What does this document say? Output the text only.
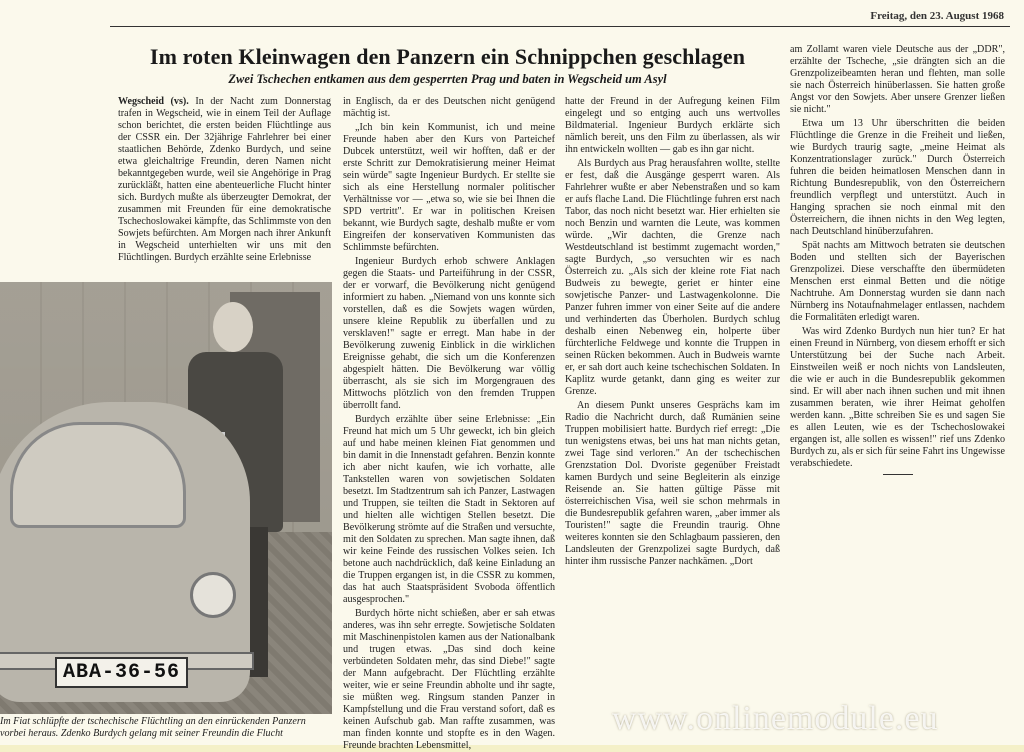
Freitag, den 23. August 1968
Im roten Kleinwagen den Panzern ein Schnippchen geschlagen
Zwei Tschechen entkamen aus dem gesperrten Prag und baten in Wegscheid um Asyl

Wegscheid (vs). In der Nacht zum Donnerstag trafen in Wegscheid, wie in einem Teil der Auflage schon berichtet, die ersten beiden Flüchtlinge aus der CSSR ein. Der 32jährige Fahrlehrer bei einer staatlichen Behörde, Zdenko Burdych, und seine etwa gleichaltrige Freundin, deren Namen nicht bekanntgegeben wurde, weil sie Angehörige in Prag zurückläßt, hatten eine abenteuerliche Flucht hinter sich. Burdych mußte als überzeugter Demokrat, der zusammen mit Freunden für eine demokratische Tschechoslowakei kämpfte, das Schlimmste von den Sowjets befürchten. Am Morgen nach ihrer Ankunft in Wegscheid unterhielten wir uns mit den Flüchtlingen. Burdych erzählte seine Erlebnisse

in Englisch, da er des Deutschen nicht genügend mächtig ist.

„Ich bin kein Kommunist, ich und meine Freunde haben aber den Kurs von Parteichef Dubcek unterstützt, weil wir hofften, daß er der erste Schritt zur Demokratisierung meiner Heimat sein würde" sagte Ingenieur Burdych. Er stellte sie sich als eine Herstellung normaler politischer Verhältnisse vor — „etwa so, wie sie bei Ihnen die SPD vertritt". Er war in politischen Kreisen bekannt, wie Burdych sagte, deshalb mußte er vom Eingreifen der konservativen Kommunisten das Schlimmste befürchten.

Ingenieur Burdych erhob schwere Anklagen gegen die Staats- und Parteiführung in der CSSR, der er vorwarf, die Bevölkerung nicht genügend informiert zu haben. „Niemand von uns konnte sich vorstellen, daß es die Sowjets wagen würden, unsere kleine Republik zu überfallen und zu versklaven!" sagte er erregt. Man habe in der Bevölkerung zuwenig Einblick in die wirklichen Ereignisse gehabt, die sich um die Konferenzen abgespielt hätten. Die Bevölkerung war völlig überrascht, als sie sich im Morgengrauen des Mittwochs plötzlich von den fremden Truppen überrollt fand.

Burdych erzählte über seine Erlebnisse: „Ein Freund hat mich um 5 Uhr geweckt, ich bin gleich auf und habe meinen kleinen Fiat genommen und bin damit in die Innenstadt gefahren. Benzin konnte ich aber nicht kaufen, wie ich vorhatte, alle Tankstellen waren von sowjetischen Soldaten besetzt. Im Stadtzentrum sah ich Panzer, Lastwagen und Truppen, sie teilten die Stadt in Sektoren auf und hielten alle wichtigen Stellen besetzt. Die Bevölkerung strömte auf die Straßen und versuchte, mit den Soldaten zu sprechen. Man sagte ihnen, daß wir keine Feinde des russischen Volkes seien. Ich betone auch nachdrücklich, daß keine Einladung an die Truppen ergangen ist, in die CSSR zu kommen, das hat auch Staatspräsident Svoboda öffentlich ausgesprochen."

Burdych hörte nicht schießen, aber er sah etwas anderes, was ihn sehr erregte. Sowjetische Soldaten mit Maschinenpistolen kamen aus der Nationalbank und trugen etwas. „Das sind doch keine verbündeten Soldaten mehr, das sind Diebe!" sagte der Mann aufgebracht. Der Flüchtling erzählte weiter, wie er seine Freundin abholte und ihr sagte, sie müßten weg. Ringsum standen Panzer in Kampfstellung und die Frau verstand sofort, daß es keinen Aufschub gab. Man raffte zusammen, was man finden konnte und stopfte es in den Wagen. Freunde brachten Lebensmittel,

hatte der Freund in der Aufregung keinen Film eingelegt und so entging auch uns wertvolles Bildmaterial. Ingenieur Burdych erklärte sich nämlich bereit, uns den Film zu überlassen, als wir ihn entwickeln wollten — gab es ihn gar nicht.

Als Burdych aus Prag herausfahren wollte, stellte er fest, daß die Ausgänge gesperrt waren. Als Fahrlehrer wußte er aber Nebenstraßen und so kam er aufs flache Land. Die Flüchtlinge fuhren erst nach Tabor, das noch nicht besetzt war. Hier erhielten sie noch Benzin und warnten die Leute, was kommen würde. „Wir dachten, die Grenze nach Westdeutschland ist bestimmt zugemacht worden," sagte Burdych, „so versuchten wir es nach Österreich zu. „Als sich der kleine rote Fiat nach Budweis zu bewegte, geriet er hinter eine sowjetische Panzer- und Lastwagenkolonne. Die Panzer fuhren immer von einer Seite auf die andere und verhinderten das Überholen. Burdych schlug deshalb einen Nebenweg ein, holperte über fürchterliche Feldwege und konnte die Truppen in seinen Rücken bekommen. Auch in Budweis warnte er, er sah dort auch keine tschechischen Soldaten. In Kaplitz wurde getankt, dann ging es weiter zur Grenze.

An diesem Punkt unseres Gesprächs kam im Radio die Nachricht durch, daß Rumänien seine Truppen mobilisiert hatte. Burdych rief erregt: „Die tun wenigstens etwas, bei uns hat man nichts getan, zwei Tage sind verloren." An der tschechischen Grenzstation Dol. Dvoriste gegenüber Freistadt kamen Burdych und seine Begleiterin als einzige Reisende an. Sie hatten gültige Pässe mit österreichischen Visa, weil sie schon mehrmals in die Bundesrepublik gefahren waren, „aber immer als Touristen!" sagte die Freundin traurig. Ohne weiteres konnten sie den Schlagbaum passieren, den Landsleuten der Grenzpolizei sagte Burdych, daß hinter ihm russische Panzer nachkämen. „Dort

am Zollamt waren viele Deutsche aus der „DDR", erzählte der Tscheche, „sie drängten sich an die Grenzpolizeibeamten heran und flehten, man solle sie nach Österreich hinüberlassen. Sie hatten große Angst vor den Sowjets. Aber unsere Grenzer ließen sie nicht."

Etwa um 13 Uhr überschritten die beiden Flüchtlinge die Grenze in die Freiheit und ließen, wie Burdych traurig sagte, „meine Heimat als Konzentrationslager zurück." Durch Österreich fuhren die beiden heimatlosen Menschen dann in Richtung Bundesrepublik, von den Österreichern freundlich verpflegt und unterstützt. Auch in Hanging sprachen sie noch einmal mit den Österreichern, die ihnen nichts in den Weg legten, nach Deutschland hinüberzufahren.

Spät nachts am Mittwoch betraten sie deutschen Boden und stellten sich der Bayerischen Grenzpolizei. Diese verschaffte den übermüdeten Menschen erst einmal Betten und die nötige Nachtruhe. Am Donnerstag wurden sie dann nach Nürnberg ins Notaufnahmelager entlassen, nachdem die Formalitäten erledigt waren.

Was wird Zdenko Burdych nun hier tun? Er hat einen Freund in Nürnberg, von diesem erhofft er sich Unterstützung bei der Suche nach Arbeit. Einstweilen weiß er noch nichts von Landsleuten, die wie er auch in die Bundesrepublik gekommen sind. Er will aber nach ihnen suchen und mit ihnen zusammen beraten, wie ihrer Heimat geholfen werden kann. „Bitte schreiben Sie es und sagen Sie es allen Leuten, wie es der Tschechoslowakei ergangen ist, alle sollen es wissen!" rief uns Zdenko Burdych zu, als er sich für seine Fahrt ins Ungewisse verabschiedete.

ABA-36-56
Im Fiat schlüpfte der tschechische Flüchtling an den einrückenden Panzern vorbei heraus. Zdenko Burdych gelang mit seiner Freundin die Flucht	www.onlinemodule.eu
